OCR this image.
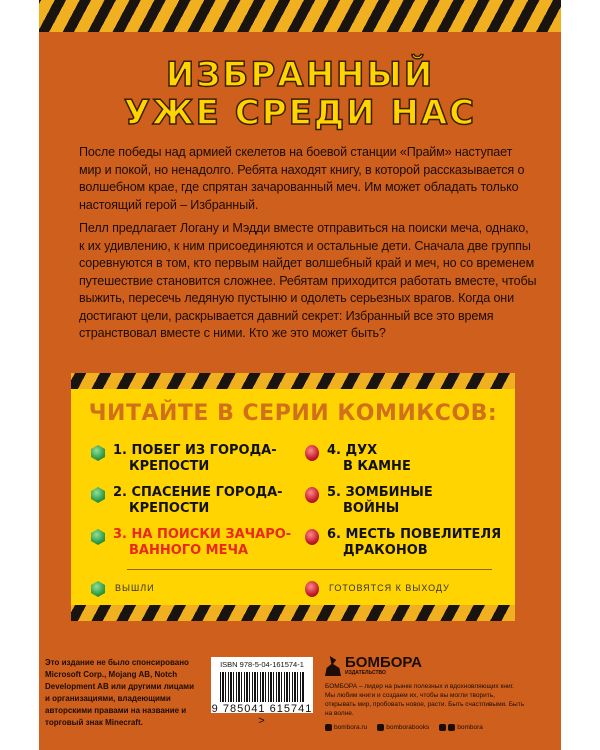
ИЗБРАННЫЙ
УЖЕ СРЕДИ НАС

После победы над армией скелетов на боевой станции «Прайм» наступает мир и покой, но ненадолго. Ребята находят книгу, в которой рассказывается о волшебном крае, где спрятан зачарованный меч. Им может обладать только настоящий герой – Избранный.

Пелл предлагает Логану и Мэдди вместе отправиться на поиски меча, однако, к их удивлению, к ним присоединяются и остальные дети. Сначала две группы соревнуются в том, кто первым найдет волшебный край и меч, но со временем путешествие становится сложнее. Ребятам приходится работать вместе, чтобы выжить, пересечь ледяную пустыню и одолеть серьезных врагов. Когда они достигают цели, раскрывается давний секрет: Избранный все это время странствовал вместе с ними. Кто же это может быть?

ЧИТАЙТЕ В СЕРИИ КОМИКСОВ:
1. ПОБЕГ ИЗ ГОРОДА-
КРЕПОСТИ
2. СПАСЕНИЕ ГОРОДА-
КРЕПОСТИ
3. НА ПОИСКИ ЗАЧАРО-
ВАННОГО МЕЧА
4. ДУХ
В КАМНЕ
5. ЗОМБИНЫЕ
ВОЙНЫ
6. МЕСТЬ ПОВЕЛИТЕЛЯ
ДРАКОНОВ
ВЫШЛИ	ГОТОВЯТСЯ К ВЫХОДУ
Это издание не было спонсировано Microsoft Corp., Mojang AB, Notch Development AB или другими лицами и организациями, владеющими авторскими правами на название и торговый знак Minecraft.
ISBN 978-5-04-161574-1
9 785041 615741 >
БОМБОРА
ИЗДАТЕЛЬСТВО
БОМБОРА – лидер на рынке полезных и вдохновляющих книг. Мы любим книги и создаем их, чтобы вы могли творить, открывать мир, пробовать новое, расти. Быть счастливыми. Быть на волне.
bombora.ru	bomborabooks	bombora
